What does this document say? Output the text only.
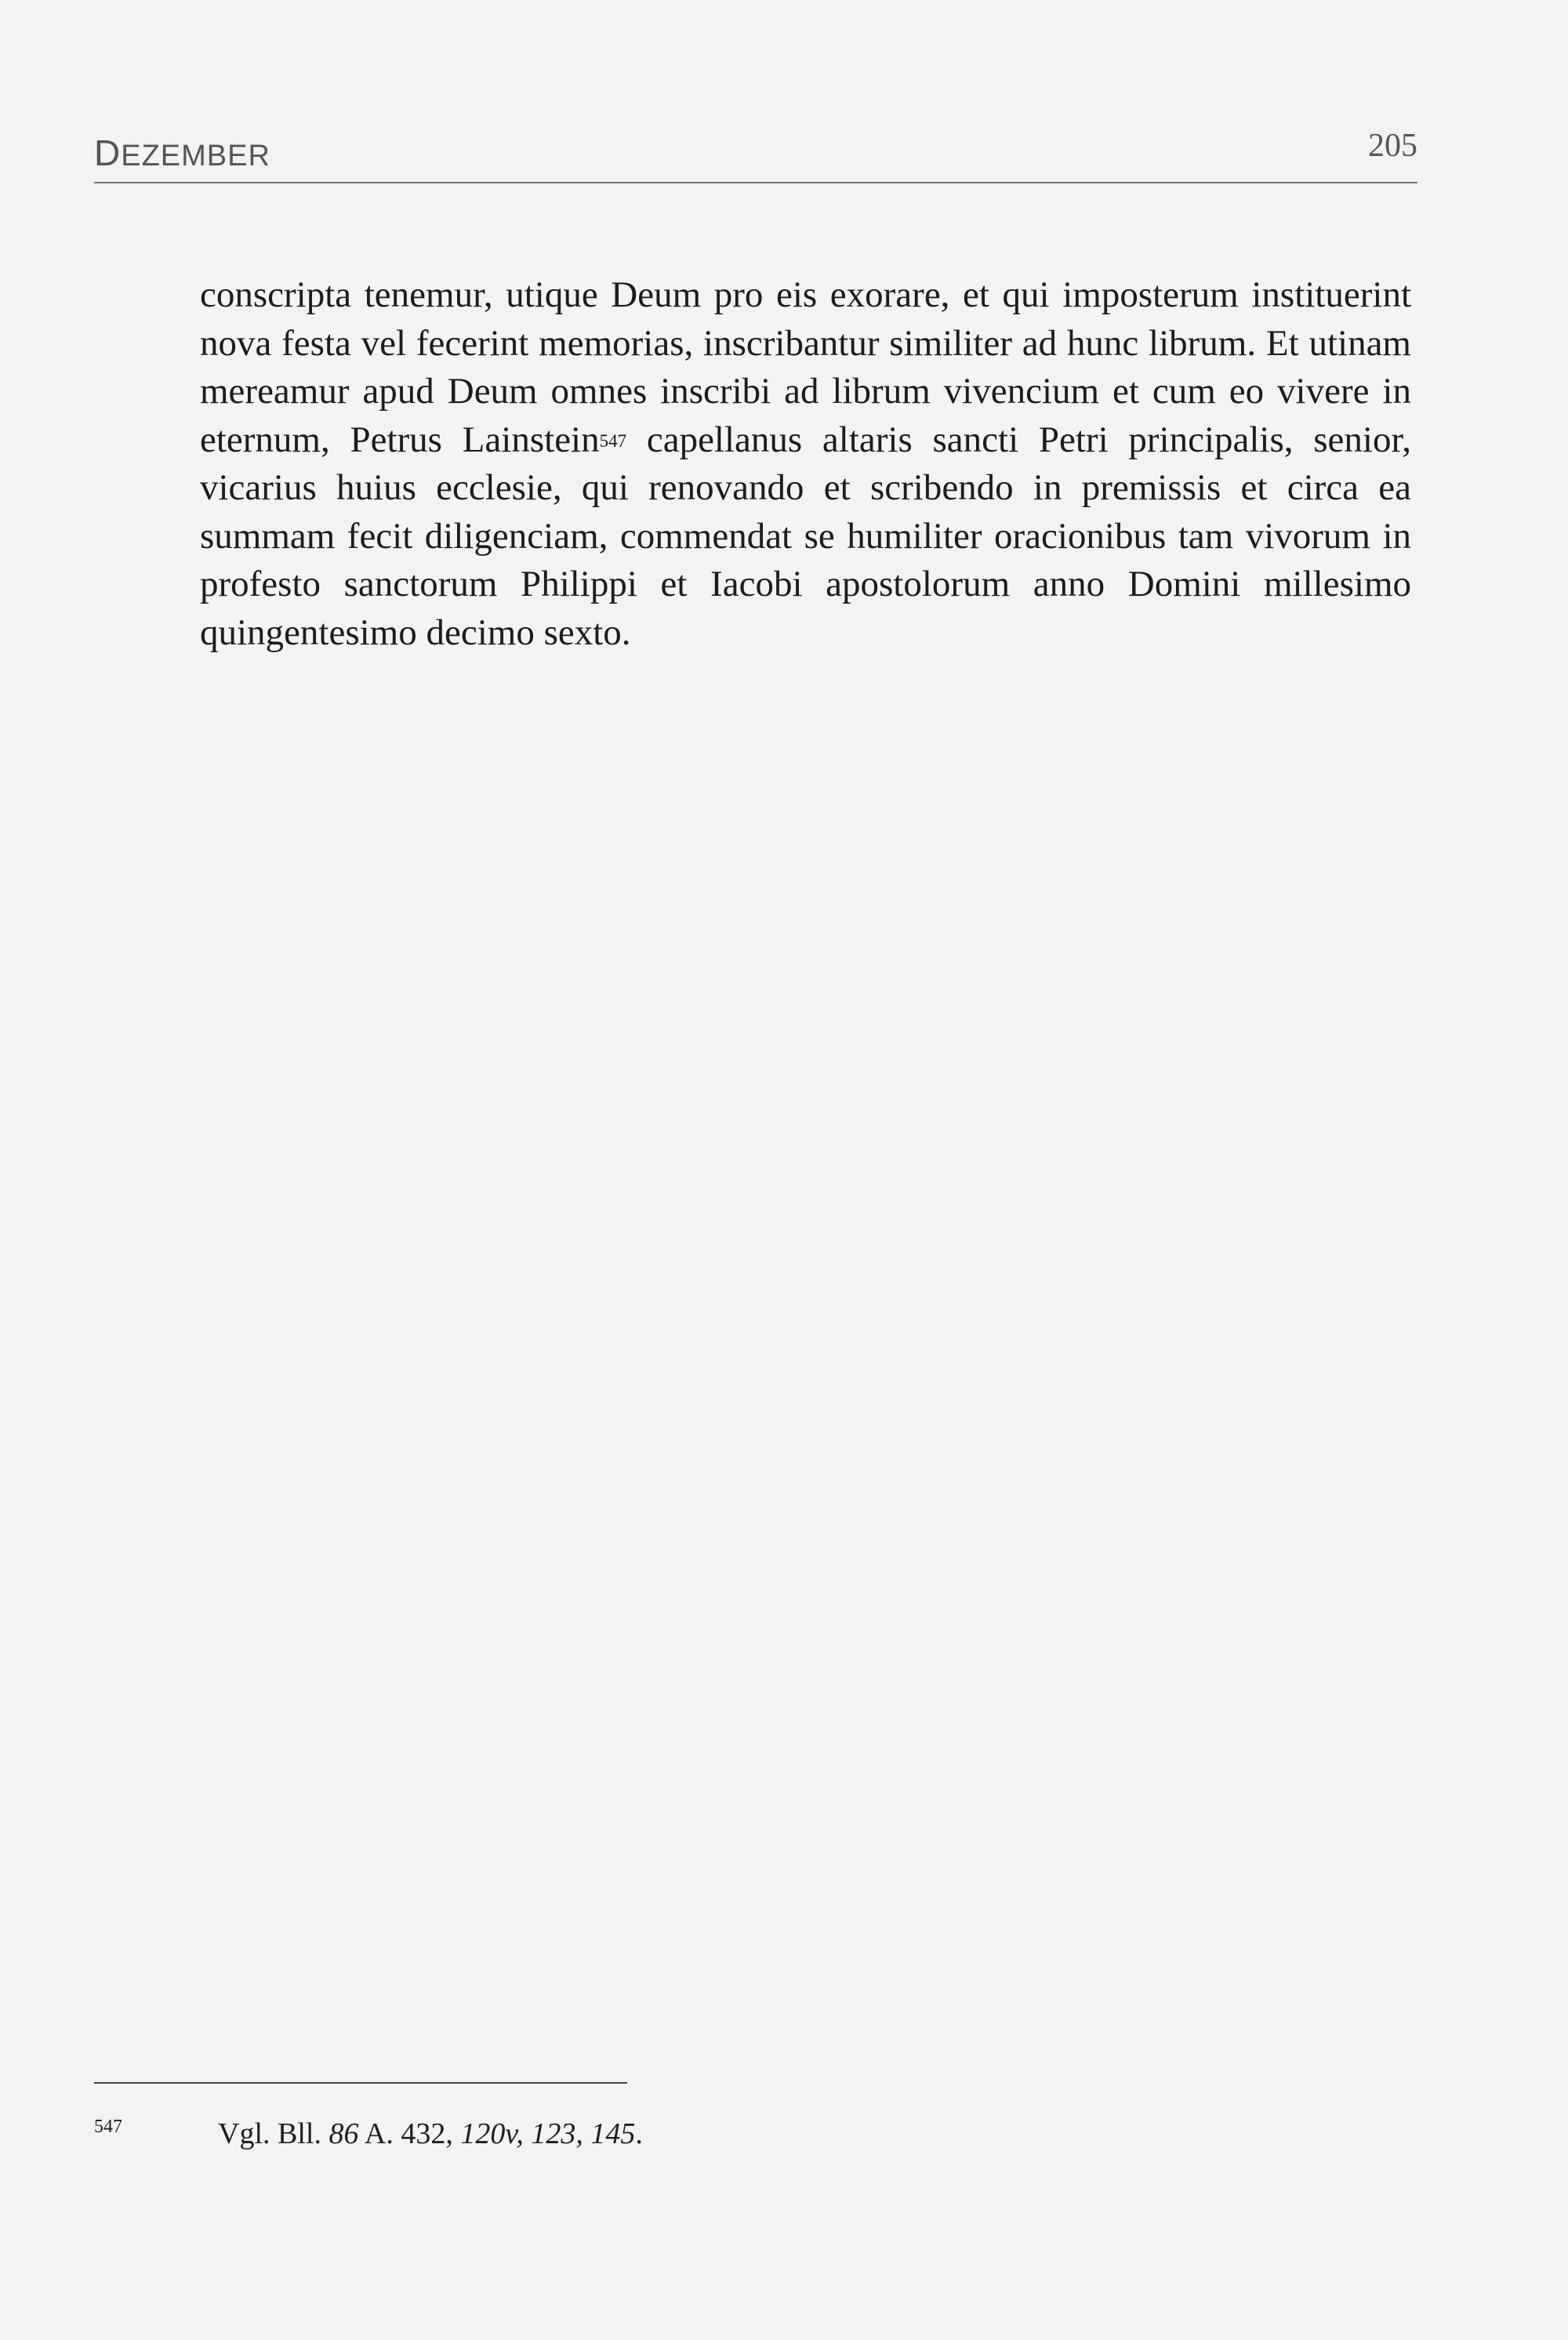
DEZEMBER	205

conscripta tenemur, utique Deum pro eis exorare, et qui imposterum instituerint nova festa vel fecerint memorias, inscribantur similiter ad hunc librum. Et utinam mereamur apud Deum omnes inscribi ad librum vivencium et cum eo vivere in eternum, Petrus Lainstein$^{547}$ capellanus altaris sancti Petri principalis, senior, vicarius huius ecclesie, qui renovando et scribendo in premissis et circa ea summam fecit diligenciam, commendat se humiliter oracionibus tam vivorum in profesto sanctorum Philippi et Iacobi apostolorum anno Domini millesimo quingentesimo decimo sexto.

547	Vgl. Bll. 86 A. 432, 120v, 123, 145.
